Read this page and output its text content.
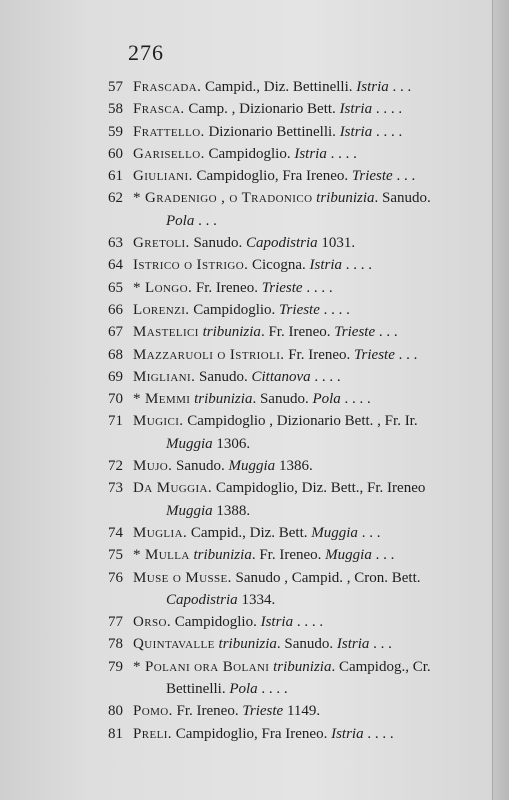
276
57 Frascada. Campid., Diz. Bettinelli. Istria . . .
58 Frasca. Camp. , Dizionario Bett. Istria . . . .
59 Frattello. Dizionario Bettinelli. Istria . . . .
60 Garisello. Campidoglio. Istria . . . .
61 Giuliani. Campidoglio, Fra Ireneo. Trieste . . .
62 * Gradenigo , o Tradonico tribunizia. Sanudo.
Pola . . .
63 Gretoli. Sanudo. Capodistria 1031.
64 Istrico o Istrigo. Cicogna. Istria . . . .
65 * Longo. Fr. Ireneo. Trieste . . . .
66 Lorenzi. Campidoglio. Trieste . . . .
67 Mastelici tribunizia. Fr. Ireneo. Trieste . . .
68 Mazzaruoli o Istrioli. Fr. Ireneo. Trieste . . .
69 Migliani. Sanudo. Cittanova . . . .
70 * Memmi tribunizia. Sanudo. Pola . . . .
71 Mugici. Campidoglio , Dizionario Bett. , Fr. Ir.
Muggia 1306.
72 Mujo. Sanudo. Muggia 1386.
73 Da Muggia. Campidoglio, Diz. Bett., Fr. Ireneo
Muggia 1388.
74 Muglia. Campid., Diz. Bett. Muggia . . .
75 * Mulla tribunizia. Fr. Ireneo. Muggia . . .
76 Muse o Musse. Sanudo , Campid. , Cron. Bett.
Capodistria 1334.
77 Orso. Campidoglio. Istria . . . .
78 Quintavalle tribunizia. Sanudo. Istria . . .
79 * Polani ora Bolani tribunizia. Campidog., Cr.
Bettinelli. Pola . . . .
80 Pomo. Fr. Ireneo. Trieste 1149.
81 Preli. Campidoglio, Fra Ireneo. Istria . . . .
